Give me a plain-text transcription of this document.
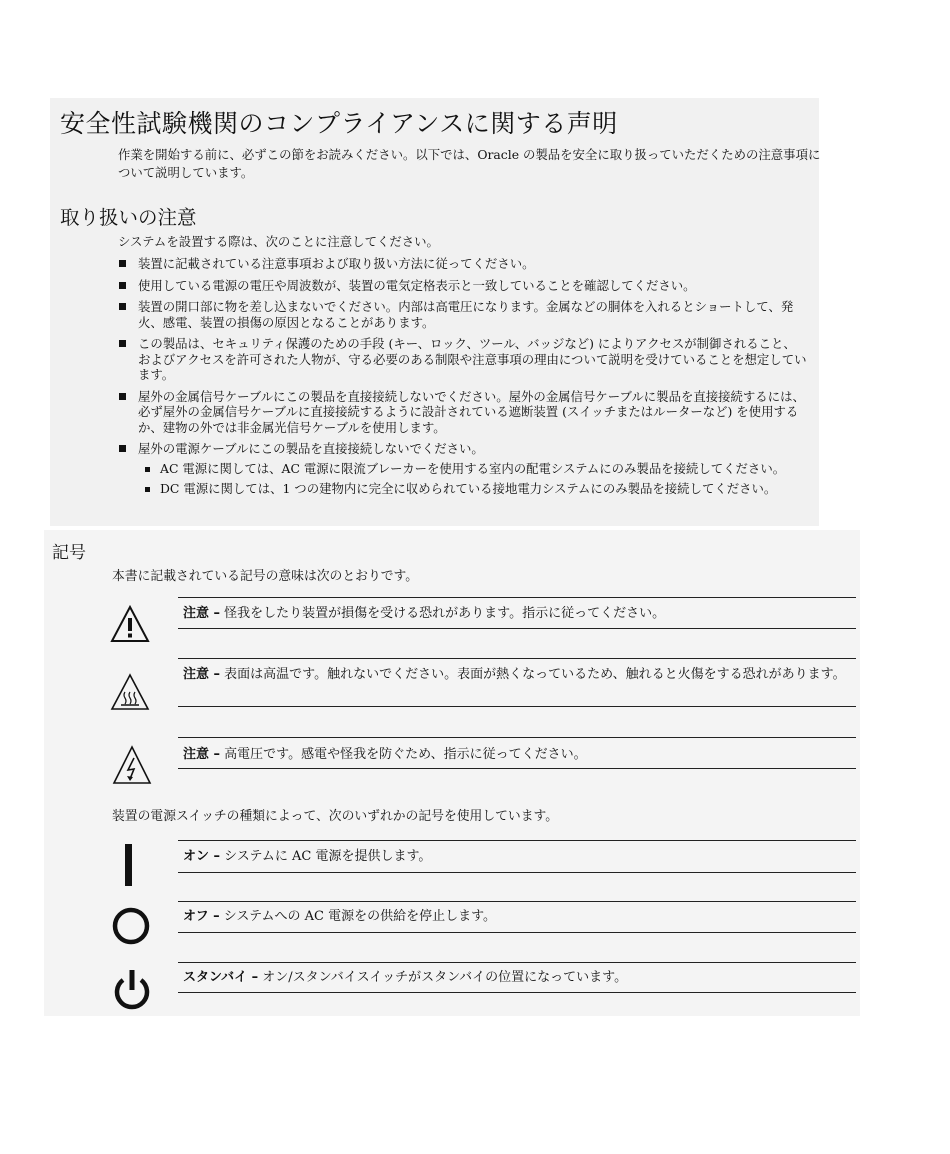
安全性試験機関のコンプライアンスに関する声明

作業を開始する前に、必ずこの節をお読みください。以下では、Oracle の製品を安全に取り扱っていただくための注意事項について説明しています。

取り扱いの注意

システムを設置する際は、次のことに注意してください。

装置に記載されている注意事項および取り扱い方法に従ってください。
使用している電源の電圧や周波数が、装置の電気定格表示と一致していることを確認してください。
装置の開口部に物を差し込まないでください。内部は高電圧になります。金属などの胴体を入れるとショートして、発火、感電、装置の損傷の原因となることがあります。
この製品は、セキュリティ保護のための手段 (キー、ロック、ツール、バッジなど) によりアクセスが制御されること、およびアクセスを許可された人物が、守る必要のある制限や注意事項の理由について説明を受けていることを想定しています。
屋外の金属信号ケーブルにこの製品を直接接続しないでください。屋外の金属信号ケーブルに製品を直接接続するには、必ず屋外の金属信号ケーブルに直接接続するように設計されている遮断装置 (スイッチまたはルーターなど) を使用するか、建物の外では非金属光信号ケーブルを使用します。
屋外の電源ケーブルにこの製品を直接接続しないでください。
AC 電源に関しては、AC 電源に限流ブレーカーを使用する室内の配電システムにのみ製品を接続してください。
DC 電源に関しては、1 つの建物内に完全に収められている接地電力システムにのみ製品を接続してください。
記号

本書に記載されている記号の意味は次のとおりです。

注意 – 怪我をしたり装置が損傷を受ける恐れがあります。指示に従ってください。

注意 – 表面は高温です。触れないでください。表面が熱くなっているため、触れると火傷をする恐れがあります。

注意 – 高電圧です。感電や怪我を防ぐため、指示に従ってください。

装置の電源スイッチの種類によって、次のいずれかの記号を使用しています。

オン – システムに AC 電源を提供します。

オフ – システムへの AC 電源をの供給を停止します。

スタンバイ – オン/スタンバイスイッチがスタンバイの位置になっています。
